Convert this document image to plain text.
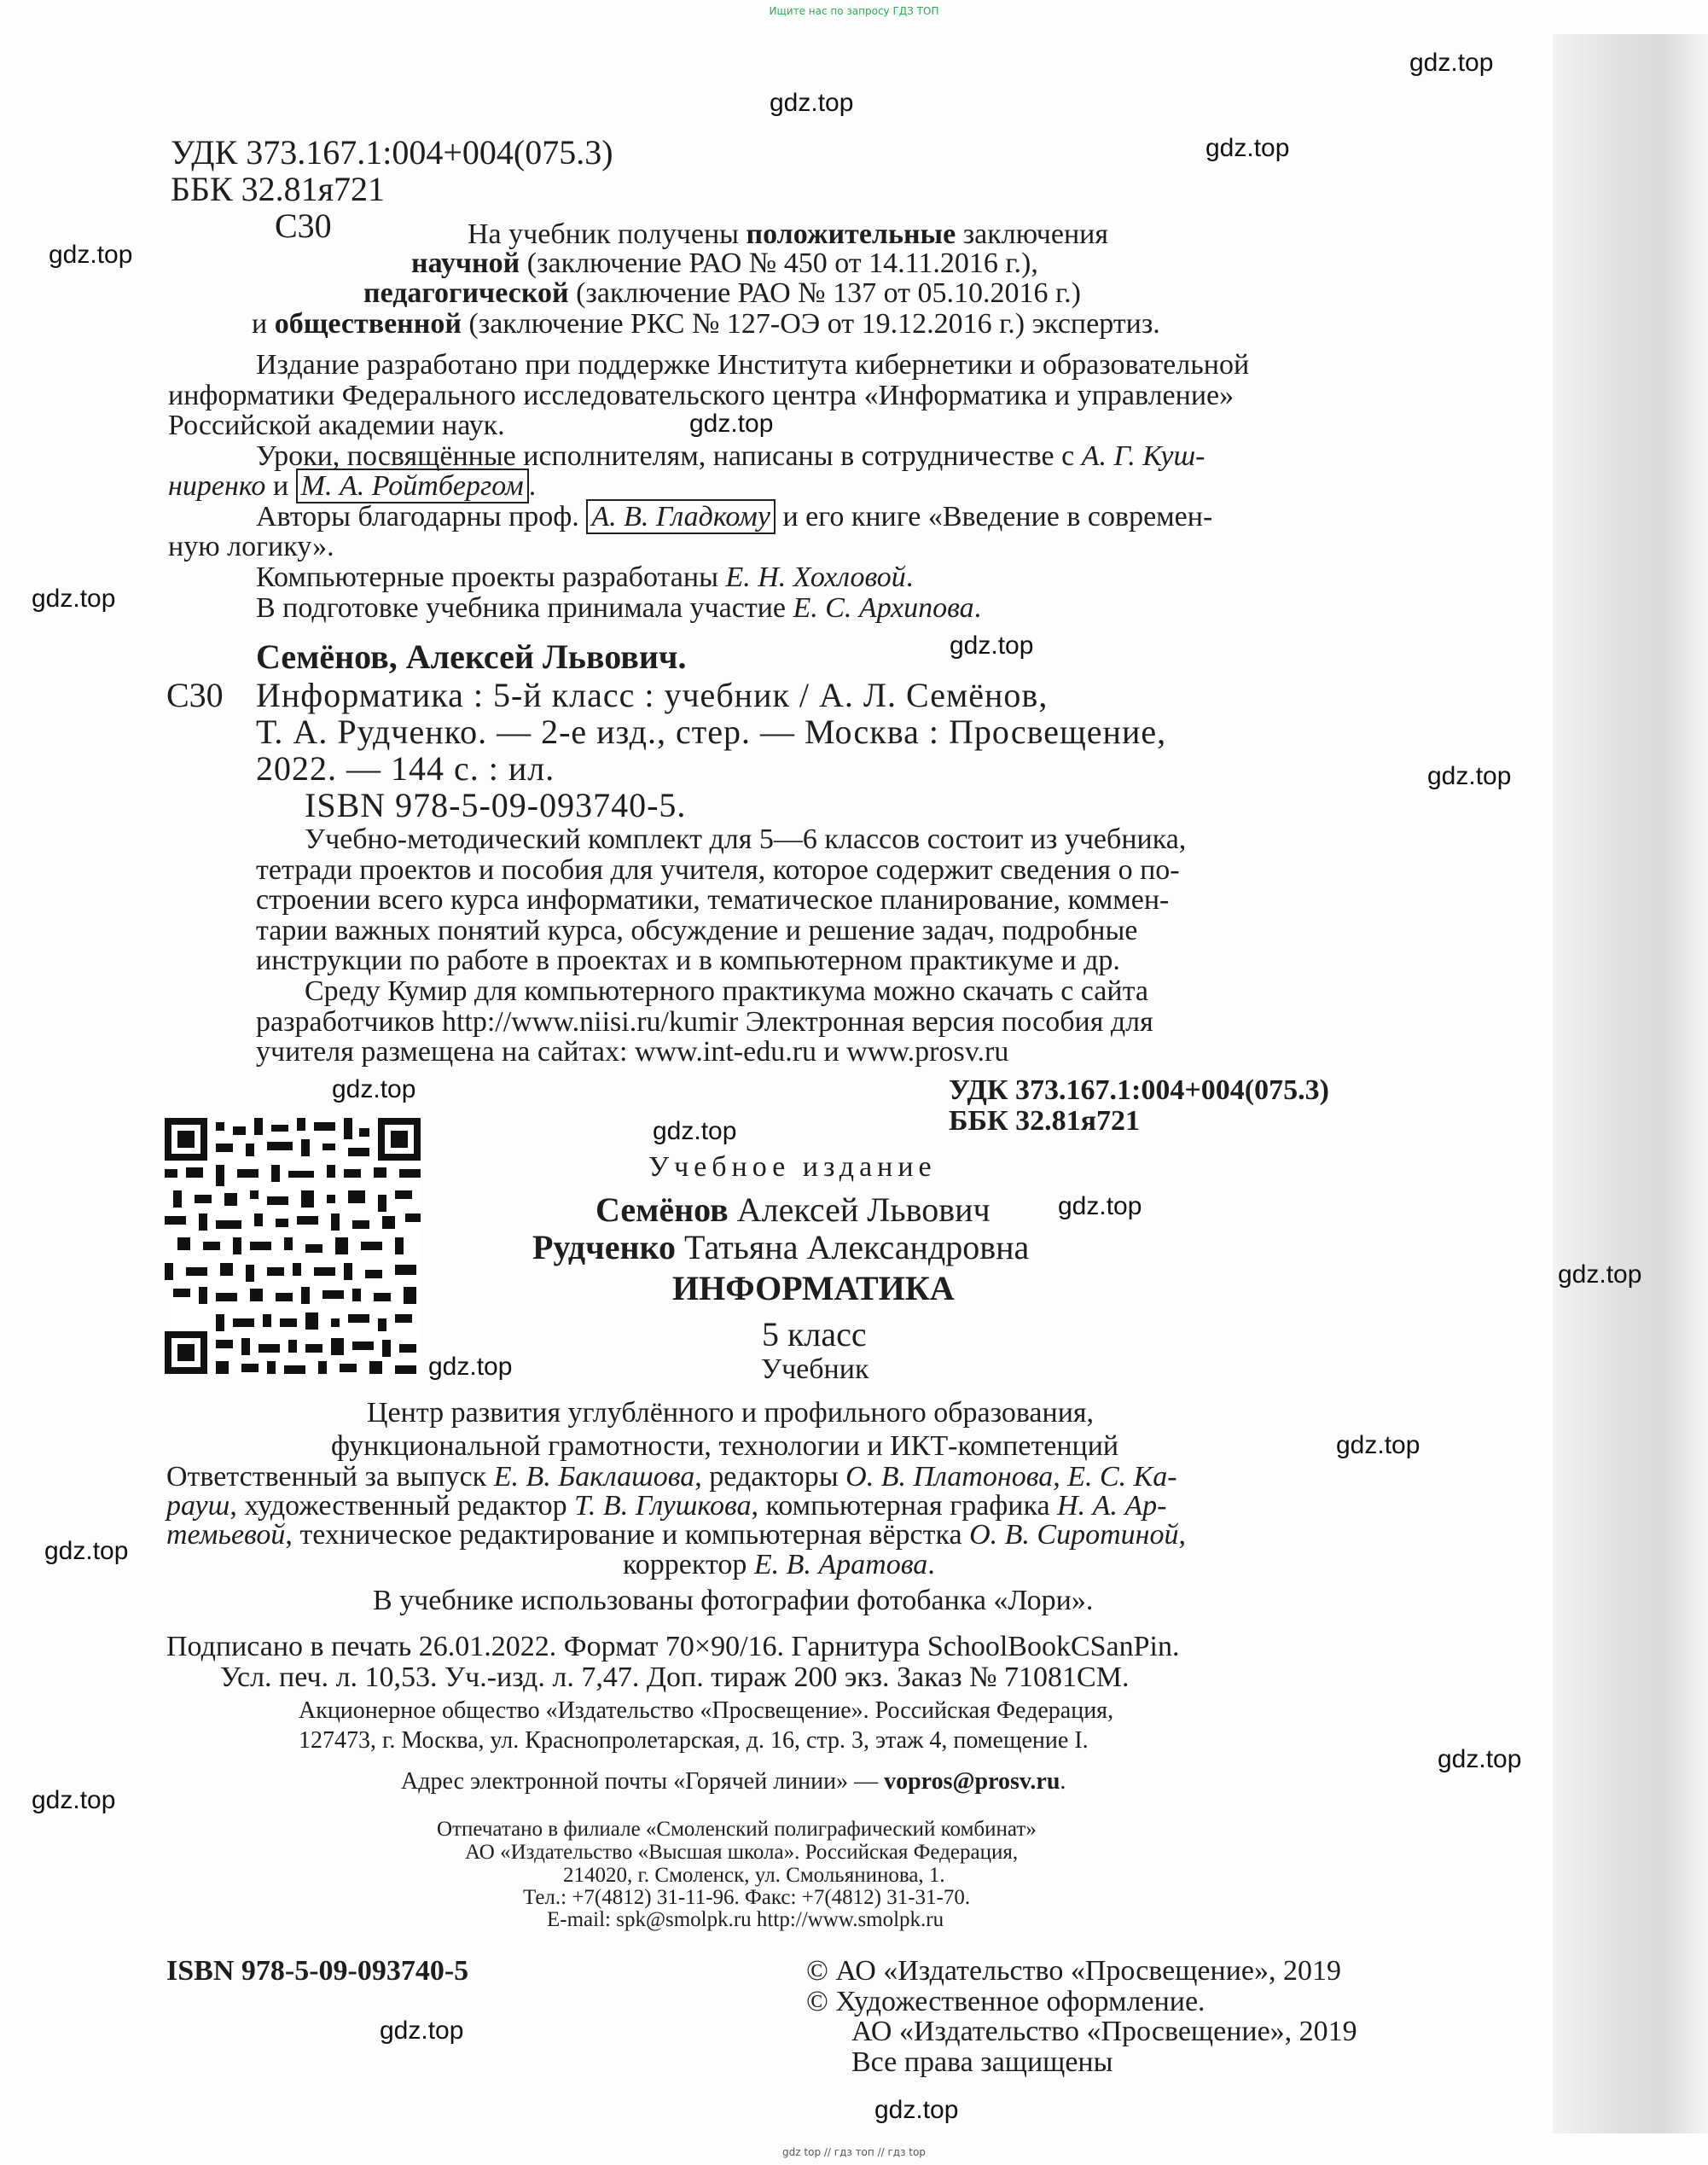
Ищите нас по запросу ГДЗ ТОП
УДК 373.167.1:004+004(075.3)
ББК 32.81я721
С30	На учебник получены положительные заключения
научной (заключение РАО № 450 от 14.11.2016 г.),
педагогической (заключение РАО № 137 от 05.10.2016 г.)
и общественной (заключение РКС № 127-ОЭ от 19.12.2016 г.) экспертиз.
Издание разработано при поддержке Института кибернетики и образовательной
информатики Федерального исследовательского центра «Информатика и управление»
Российской академии наук.
Уроки, посвящённые исполнителям, написаны в сотрудничестве с А. Г. Куш-
ниренко и М. А. Ройтбергом .
Авторы благодарны проф. А. В. Гладкому и его книге «Введение в современ-
ную логику».
Компьютерные проекты разработаны Е. Н. Хохловой.
В подготовке учебника принимала участие Е. С. Архипова.
Семёнов, Алексей Львович.
С30 Информатика : 5-й класс : учебник / А. Л. Семёнов,
Т. А. Рудченко. — 2-е изд., стер. — Москва : Просвещение,
2022. — 144 с. : ил.
ISBN 978-5-09-093740-5.
Учебно-методический комплект для 5—6 классов состоит из учебника,
тетради проектов и пособия для учителя, которое содержит сведения о по-
строении всего курса информатики, тематическое планирование, коммен-
тарии важных понятий курса, обсуждение и решение задач, подробные
инструкции по работе в проектах и в компьютерном практикуме и др.
Среду Кумир для компьютерного практикума можно скачать с сайта
разработчиков http://www.niisi.ru/kumir Электронная версия пособия для
учителя размещена на сайтах: www.int-edu.ru и www.prosv.ru
УДК 373.167.1:004+004(075.3)
ББК 32.81я721
Учебное издание
Семёнов Алексей Львович
Рудченко Татьяна Александровна
ИНФОРМАТИКА
5 класс
Учебник
Центр развития углублённого и профильного образования,
функциональной грамотности, технологии и ИКТ-компетенций
Ответственный за выпуск Е. В. Баклашова, редакторы О. В. Платонова, Е. С. Ка-
рауш, художественный редактор Т. В. Глушкова, компьютерная графика Н. А. Ар-
темьевой, техническое редактирование и компьютерная вёрстка О. В. Сиротиной,
корректор Е. В. Аратова.
В учебнике использованы фотографии фотобанка «Лори».
Подписано в печать 26.01.2022. Формат 70×90/16. Гарнитура SchoolBookCSanPin.
Усл. печ. л. 10,53. Уч.-изд. л. 7,47. Доп. тираж 200 экз. Заказ № 71081СМ.
Акционерное общество «Издательство «Просвещение». Российская Федерация,
127473, г. Москва, ул. Краснопролетарская, д. 16, стр. 3, этаж 4, помещение I.
Адрес электронной почты «Горячей линии» — vopros@prosv.ru.
Отпечатано в филиале «Смоленский полиграфический комбинат»
АО «Издательство «Высшая школа». Российская Федерация,
214020, г. Смоленск, ул. Смольянинова, 1.
Тел.: +7(4812) 31-11-96. Факс: +7(4812) 31-31-70.
E-mail: spk@smolpk.ru http://www.smolpk.ru
ISBN 978-5-09-093740-5	© АО «Издательство «Просвещение», 2019
© Художественное оформление.
АО «Издательство «Просвещение», 2019
Все права защищены
gdz.top
gdz.top
gdz.top
gdz.top
gdz.top
gdz.top
gdz.top
gdz.top
gdz.top
gdz.top
gdz.top
gdz.top
gdz.top
gdz.top
gdz.top
gdz.top
gdz.top
gdz.top
gdz.top
gdz top // гдз топ // гдз top
